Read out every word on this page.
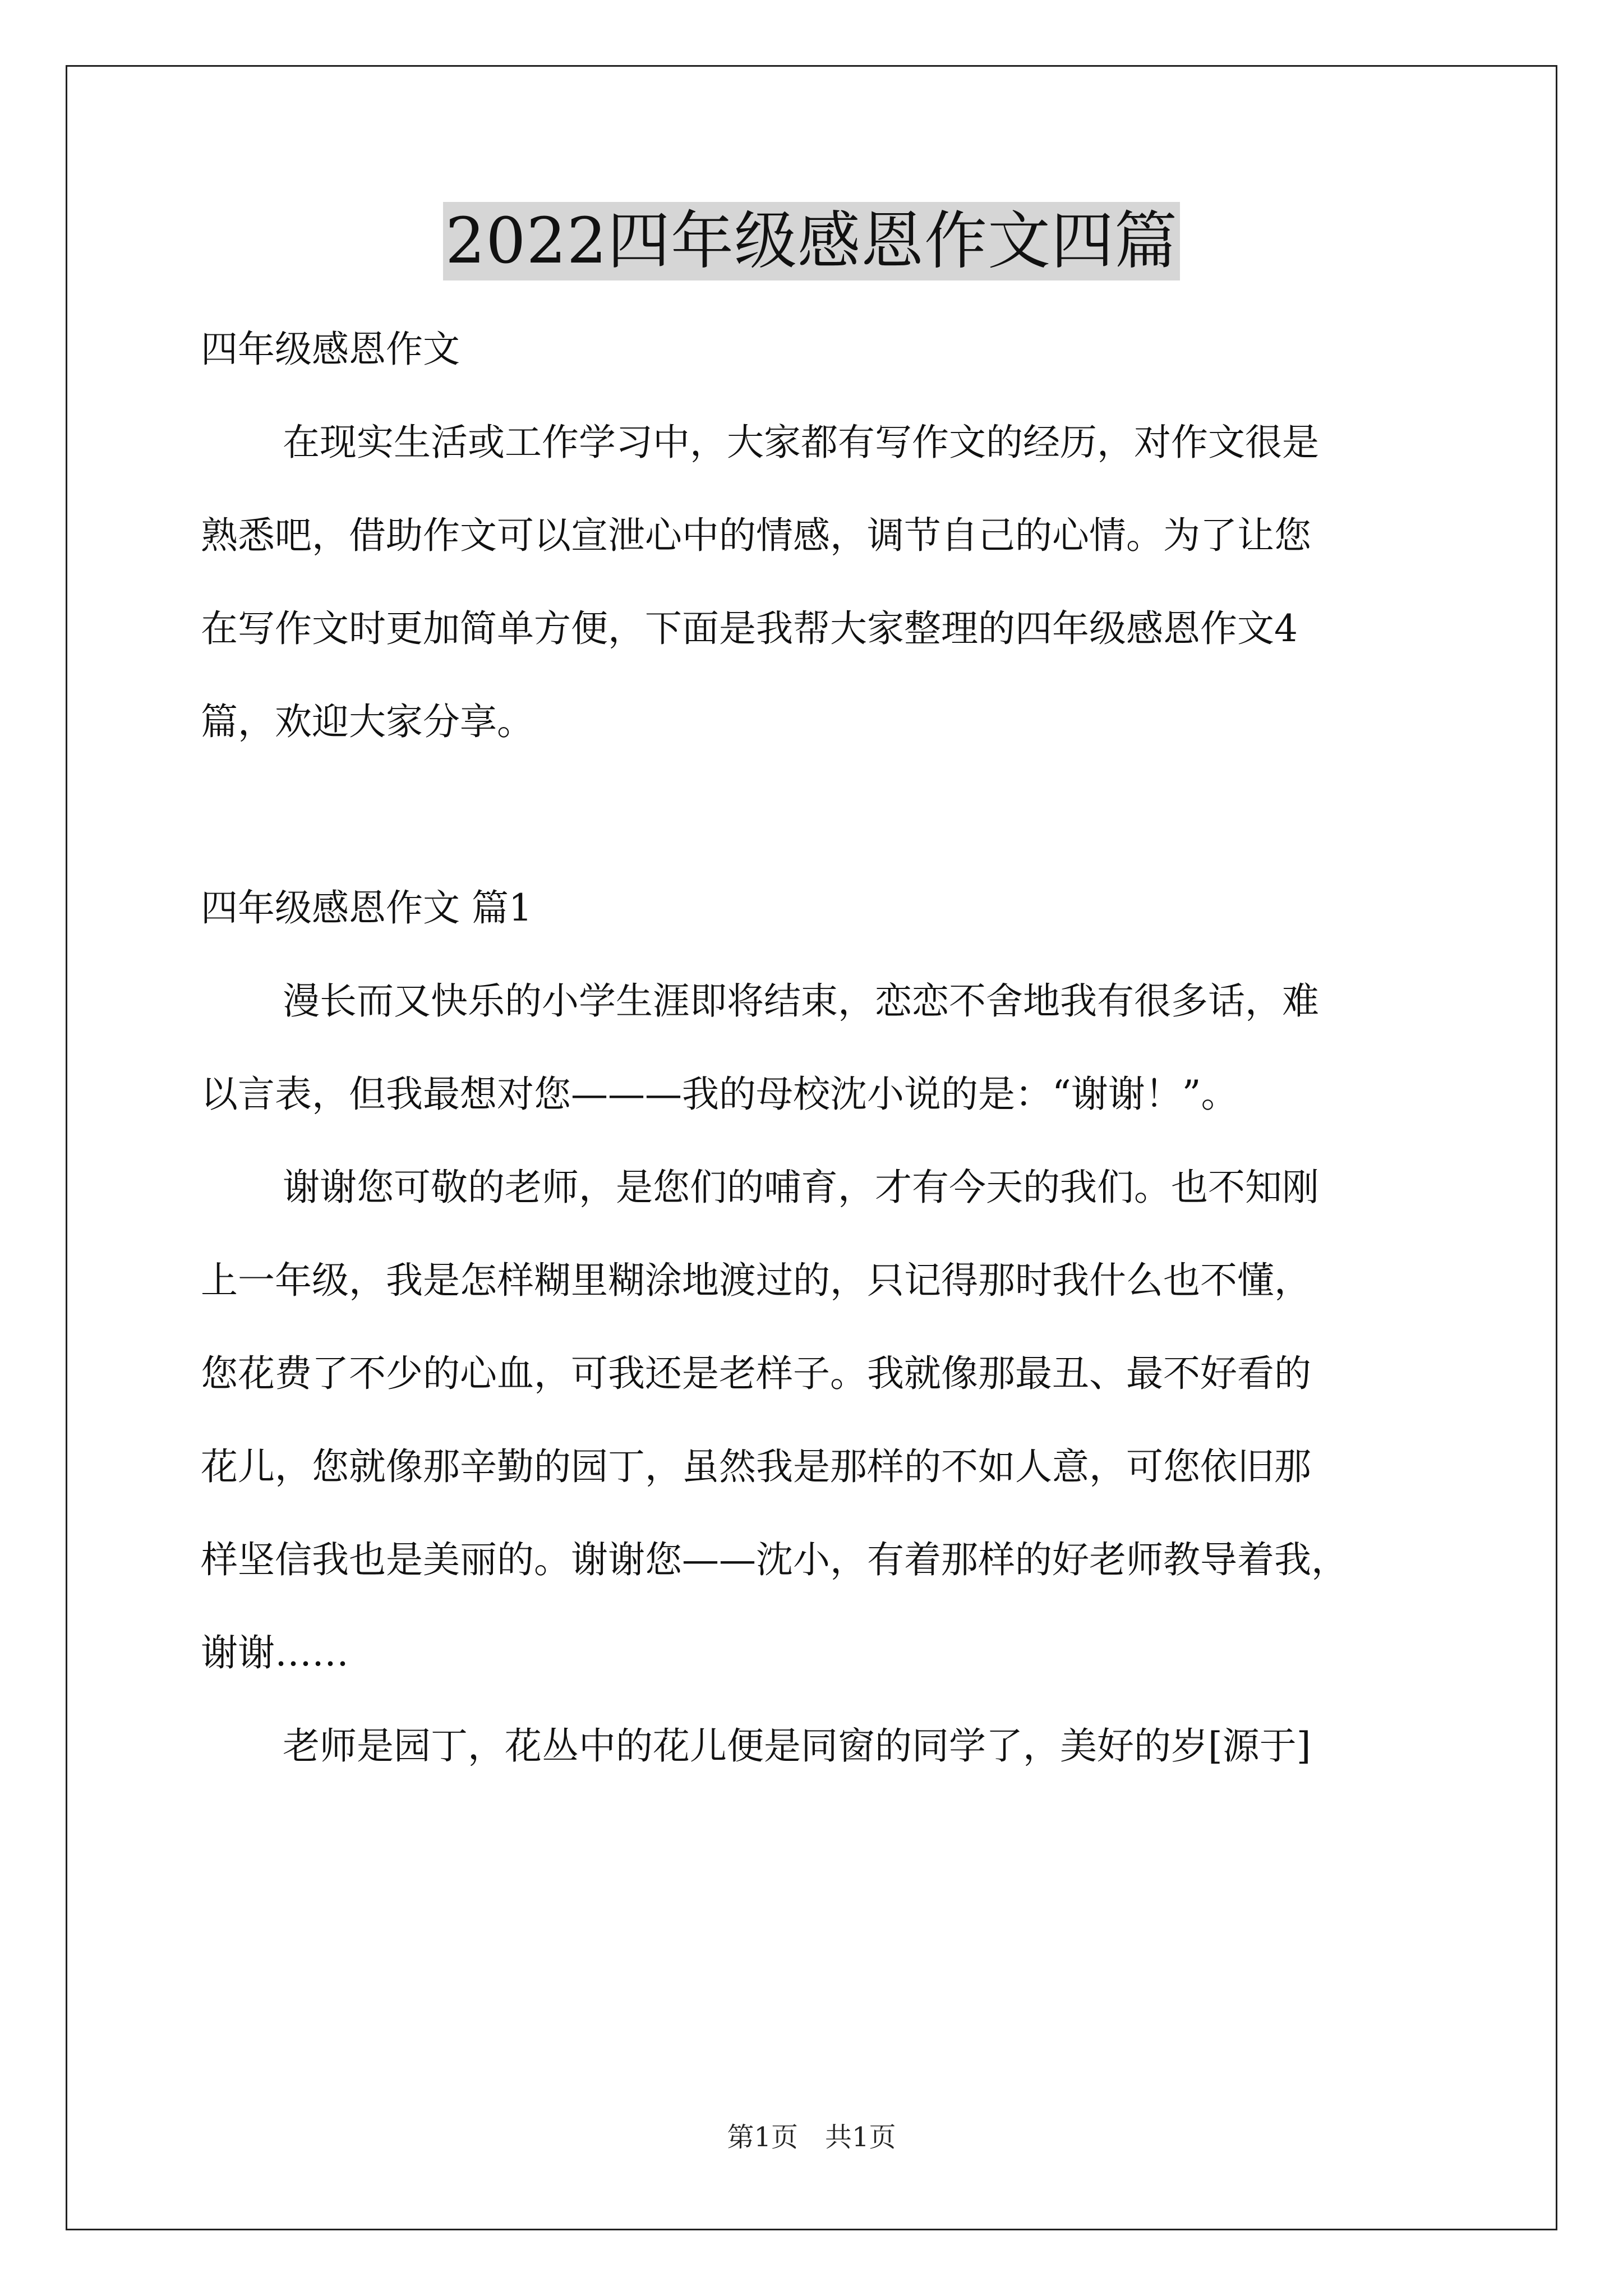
2022四年级感恩作文四篇
四年级感恩作文
在现实生活或工作学习中，大家都有写作文的经历，对作文很是
熟悉吧，借助作文可以宣泄心中的情感，调节自己的心情。为了让您
在写作文时更加简单方便，下面是我帮大家整理的四年级感恩作文4
篇，欢迎大家分享。
四年级感恩作文 篇1
漫长而又快乐的小学生涯即将结束，恋恋不舍地我有很多话，难
以言表，但我最想对您———我的母校沈小说的是：“谢谢！”。
谢谢您可敬的老师，是您们的哺育，才有今天的我们。也不知刚
上一年级，我是怎样糊里糊涂地渡过的，只记得那时我什么也不懂，
您花费了不少的心血，可我还是老样子。我就像那最丑、最不好看的
花儿，您就像那辛勤的园丁，虽然我是那样的不如人意，可您依旧那
样坚信我也是美丽的。谢谢您——沈小，有着那样的好老师教导着我，
谢谢……
老师是园丁，花丛中的花儿便是同窗的同学了，美好的岁[源于]
第1页　共1页
